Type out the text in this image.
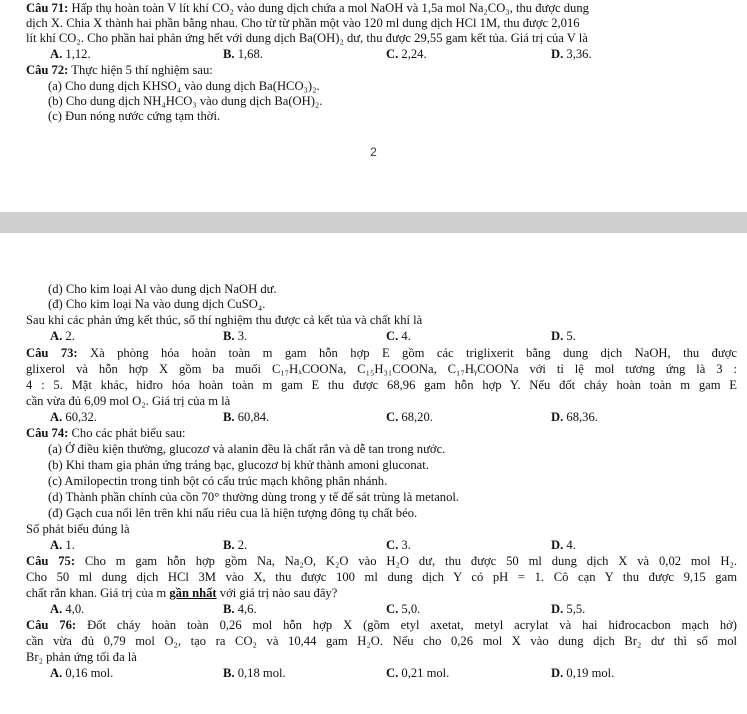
Câu 71: Hấp thụ hoàn toàn V lít khí CO₂ vào dung dịch chứa a mol NaOH và 1,5a mol Na₂CO₃, thu được dung
dịch X. Chia X thành hai phần bằng nhau. Cho từ từ phần một vào 120 ml dung dịch HCl 1M, thu được 2,016
lít khí CO₂. Cho phần hai phản ứng hết với dung dịch Ba(OH)₂ dư, thu được 29,55 gam kết tủa. Giá trị của V là
A. 1,12.	B. 1,68.	C. 2,24.	D. 3,36.
Câu 72: Thực hiện 5 thí nghiệm sau:
(a) Cho dung dịch KHSO₄ vào dung dịch Ba(HCO₃)₂.
(b) Cho dung dịch NH₄HCO₃ vào dung dịch Ba(OH)₂.
(c) Đun nóng nước cứng tạm thời.
2
(d) Cho kim loại Al vào dung dịch NaOH dư.
(đ) Cho kim loại Na vào dung dịch CuSO₄.
Sau khi các phản ứng kết thúc, số thí nghiệm thu được cả kết tủa và chất khí là
A. 2.	B. 3.	C. 4.	D. 5.
Câu 73: Xà phòng hóa hoàn toàn m gam hỗn hợp E gồm các triglixerit bằng dung dịch NaOH, thu được
glixerol và hỗn hợp X gồm ba muối C₁₇HₓCOONa, C₁₅H₃₁COONa, C₁₇HᵧCOONa với tỉ lệ mol tương ứng là 3 :
4 : 5. Mặt khác, hiđro hóa hoàn toàn m gam E thu được 68,96 gam hỗn hợp Y. Nếu đốt cháy hoàn toàn m gam E
cần vừa đủ 6,09 mol O₂. Giá trị của m là
A. 60,32.	B. 60,84.	C. 68,20.	D. 68,36.
Câu 74: Cho các phát biểu sau:
(a) Ở điều kiện thường, glucozơ và alanin đều là chất rắn và dễ tan trong nước.
(b) Khi tham gia phản ứng tráng bạc, glucozơ bị khử thành amoni gluconat.
(c) Amilopectin trong tinh bột có cấu trúc mạch không phân nhánh.
(d) Thành phần chính của cồn 70° thường dùng trong y tế để sát trùng là metanol.
(đ) Gạch cua nổi lên trên khi nấu riêu cua là hiện tượng đông tụ chất béo.
Số phát biểu đúng là
A. 1.	B. 2.	C. 3.	D. 4.
Câu 75: Cho m gam hỗn hợp gồm Na, Na₂O, K₂O vào H₂O dư, thu được 50 ml dung dịch X và 0,02 mol H₂.
Cho 50 ml dung dịch HCl 3M vào X, thu được 100 ml dung dịch Y có pH = 1. Cô cạn Y thu được 9,15 gam
chất rắn khan. Giá trị của m gần nhất với giá trị nào sau đây?
A. 4,0.	B. 4,6.	C. 5,0.	D. 5,5.
Câu 76: Đốt cháy hoàn toàn 0,26 mol hỗn hợp X (gồm etyl axetat, metyl acrylat và hai hiđrocacbon mạch hở)
cần vừa đủ 0,79 mol O₂, tạo ra CO₂ và 10,44 gam H₂O. Nếu cho 0,26 mol X vào dung dịch Br₂ dư thì số mol
Br₂ phản ứng tối đa là
A. 0,16 mol.	B. 0,18 mol.	C. 0,21 mol.	D. 0,19 mol.
